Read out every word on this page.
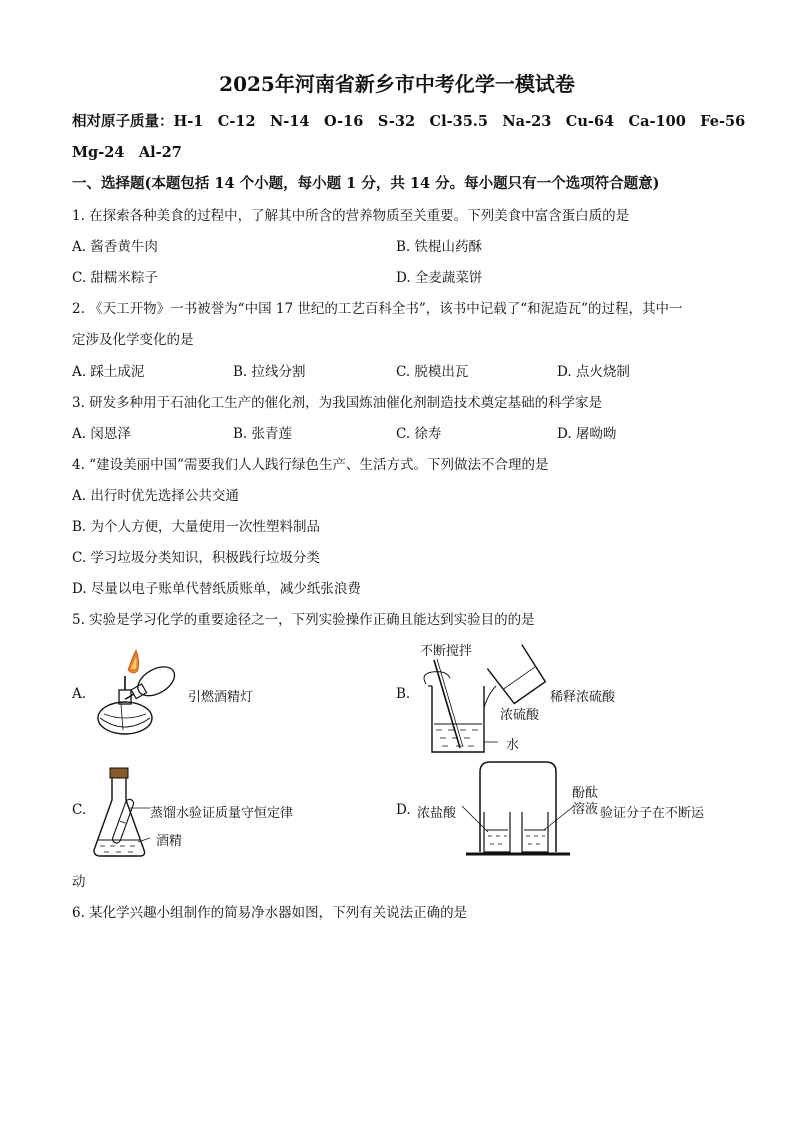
2025年河南省新乡市中考化学一模试卷
相对原子质量：H-1　C-12　N-14　O-16　S-32　Cl-35.5　Na-23　Cu-64　Ca-100　Fe-56
Mg-24　Al-27
一、选择题(本题包括 14 个小题，每小题 1 分，共 14 分。每小题只有一个选项符合题意)
1. 在探索各种美食的过程中，了解其中所含的营养物质至关重要。下列美食中富含蛋白质的是
A. 酱香黄牛肉	B. 铁棍山药酥
C. 甜糯米粽子	D. 全麦蔬菜饼
2. 《天工开物》一书被誉为“中国 17 世纪的工艺百科全书”，该书中记载了“和泥造瓦”的过程，其中一
定涉及化学变化的是
A. 踩土成泥	B. 拉线分割	C. 脱模出瓦	D. 点火烧制
3. 研发多种用于石油化工生产的催化剂，为我国炼油催化剂制造技术奠定基础的科学家是
A. 闵恩泽	B. 张青莲	C. 徐寿	D. 屠呦呦
4. “建设美丽中国”需要我们人人践行绿色生产、生活方式。下列做法不合理的是
A. 出行时优先选择公共交通
B. 为个人方便，大量使用一次性塑料制品
C. 学习垃圾分类知识，积极践行垃圾分类
D. 尽量以电子账单代替纸质账单，减少纸张浪费
5. 实验是学习化学的重要途径之一，下列实验操作正确且能达到实验目的的是
A.	引燃酒精灯	B.
不断搅拌
稀释浓硫酸
浓硫酸
水
C.	蒸馏水验证质量守恒定律
酒精
D. 浓盐酸
酚酞
溶液 验证分子在不断运
动
6. 某化学兴趣小组制作的简易净水器如图，下列有关说法正确的是
